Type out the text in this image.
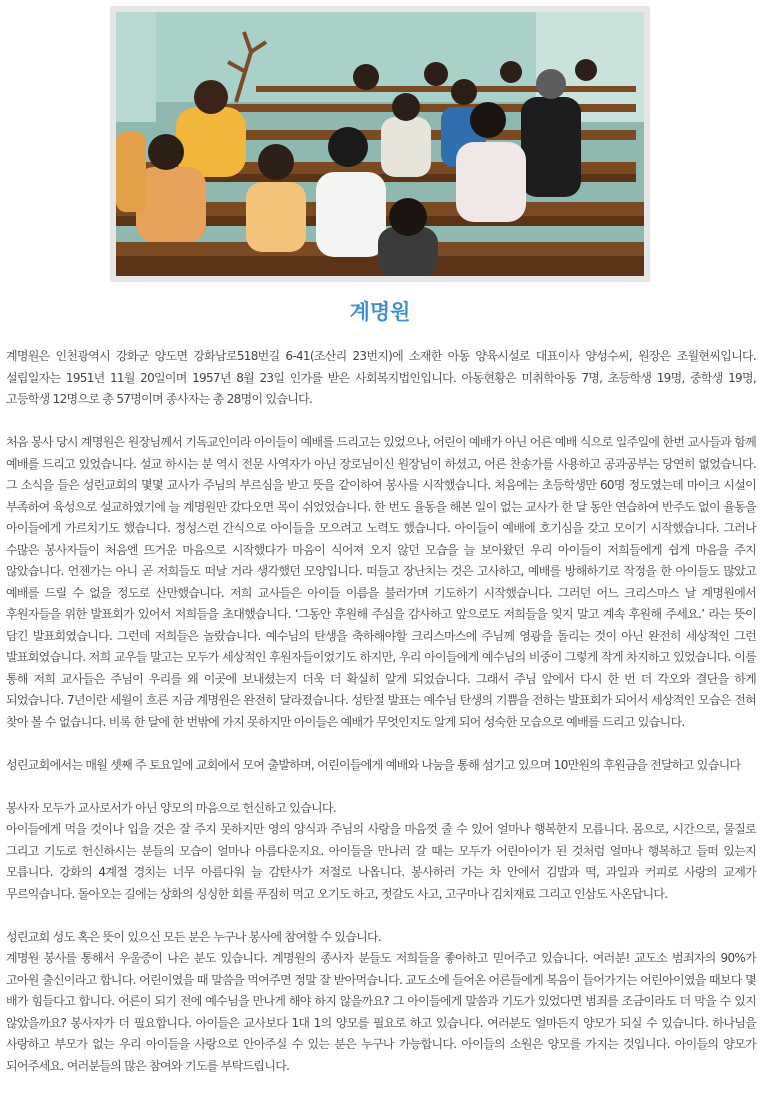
계명원

계명원은 인천광역시 강화군 양도면 강화남로518번길 6-41(조산리 23번지)에 소재한 아동 양육시설로 대표이사 양성수씨, 원장은 조월현씨입니다. 설립일자는 1951년 11월 20일이며 1957년 8월 23일 인가를 받은 사회복지법인입니다. 아동현황은 미취학아동 7명, 초등학생 19명, 중학생 19명, 고등학생 12명으로 총 57명이며 종사자는 총 28명이 있습니다.

처음 봉사 당시 계명원은 원장님께서 기독교인이라 아이들이 예배를 드리고는 있었으나, 어린이 예배가 아닌 어른 예배 식으로 일주일에 한번 교사들과 함께 예배를 드리고 있었습니다. 설교 하시는 분 역시 전문 사역자가 아닌 장로님이신 원장님이 하셨고, 어른 찬송가를 사용하고 공과공부는 당연히 없었습니다. 그 소식을 들은 성린교회의 몇몇 교사가 주님의 부르심을 받고 뜻을 같이하여 봉사를 시작했습니다. 처음에는 초등학생만 60명 정도였는데 마이크 시설이 부족하여 육성으로 설교하였기에 늘 계명원만 갔다오면 목이 쉬었었습니다. 한 번도 율동을 해본 일이 없는 교사가 한 달 동안 연습하여 반주도 없이 율동을 아이들에게 가르치기도 했습니다. 정성스런 간식으로 아이들을 모으려고 노력도 했습니다. 아이들이 예배에 호기심을 갖고 모이기 시작했습니다. 그러나 수많은 봉사자들이 처음엔 뜨거운 마음으로 시작했다가 마음이 식어져 오지 않던 모습을 늘 보아왔던 우리 아이들이 저희들에게 쉽게 마음을 주지 않았습니다. 언젠가는 아니 곧 저희들도 떠날 거라 생각했던 모양입니다. 떠들고 장난치는 것은 고사하고, 예배를 방해하기로 작정을 한 아이들도 많았고 예배를 드릴 수 없을 정도로 산만했습니다. 저희 교사들은 아이들 이름을 불러가며 기도하기 시작했습니다. 그러던 어느 크리스마스 날 계명원에서 후원자들을 위한 발표회가 있어서 저희들을 초대했습니다. ‘그동안 후원해 주심을 감사하고 앞으로도 저희들을 잊지 말고 계속 후원해 주세요.’ 라는 뜻이 담긴 발표회였습니다. 그런데 저희들은 놀랐습니다. 예수님의 탄생을 축하해야할 크리스마스에 주님께 영광을 돌리는 것이 아닌 완전히 세상적인 그런 발표회였습니다. 저희 교우들 말고는 모두가 세상적인 후원자들이었기도 하지만, 우리 아이들에게 예수님의 비중이 그렇게 작게 차지하고 있었습니다. 이를 통해 저희 교사들은 주님이 우리를 왜 이곳에 보내셨는지 더욱 더 확실히 알게 되었습니다. 그래서 주님 앞에서 다시 한 번 더 각오와 결단을 하게 되었습니다. 7년이란 세월이 흐른 지금 계명원은 완전히 달라졌습니다. 성탄절 발표는 예수님 탄생의 기쁨을 전하는 발표회가 되어서 세상적인 모습은 전혀 찾아 볼 수 없습니다. 비록 한 달에 한 번밖에 가지 못하지만 아이들은 예배가 무엇인지도 알게 되어 성숙한 모습으로 예배를 드리고 있습니다.

성린교회에서는 매월 셋째 주 토요일에 교회에서 모여 출발하며, 어린이들에게 예배와 나눔을 통해 섬기고 있으며 10만원의 후원금을 전달하고 있습니다

봉사자 모두가 교사로서가 아닌 양모의 마음으로 헌신하고 있습니다.

아이들에게 먹을 것이나 입을 것은 잘 주지 못하지만 영의 양식과 주님의 사랑을 마음껏 줄 수 있어 얼마나 행복한지 모릅니다. 몸으로, 시간으로, 물질로 그리고 기도로 헌신하시는 분들의 모습이 얼마나 아름다운지요. 아이들을 만나러 갈 때는 모두가 어린아이가 된 것처럼 얼마나 행복하고 들떠 있는지 모릅니다. 강화의 4계절 경치는 너무 아름다워 늘 감탄사가 저절로 나옵니다. 봉사하러 가는 차 안에서 김밥과 떡, 과일과 커피로 사랑의 교제가 무르익습니다. 돌아오는 길에는 상화의 싱싱한 회를 푸짐히 먹고 오기도 하고, 젓갈도 사고, 고구마나 김치재료 그리고 인삼도 사온답니다.

성린교회 성도 혹은 뜻이 있으신 모든 분은 누구나 봉사에 참여할 수 있습니다.

계명원 봉사를 통해서 우울증이 나은 분도 있습니다. 계명원의 종사자 분들도 저희들을 좋아하고 믿어주고 있습니다. 여러분! 교도소 범죄자의 90%가 고아원 출신이라고 합니다. 어린이였을 때 말씀을 먹여주면 정말 잘 받아먹습니다. 교도소에 들어온 어른들에게 복음이 들어가기는 어린아이였을 때보다 몇 배가 힘들다고 합니다. 어른이 되기 전에 예수님을 만나게 해야 하지 않을까요? 그 아이들에게 말씀과 기도가 있었다면 범죄를 조금이라도 더 막을 수 있지 않았을까요? 봉사자가 더 필요합니다. 아이들은 교사보다 1대 1의 양모를 필요로 하고 있습니다. 여러분도 얼마든지 양모가 되실 수 있습니다. 하나님을 사랑하고 부모가 없는 우리 아이들을 사랑으로 안아주실 수 있는 분은 누구나 가능합니다. 아이들의 소원은 양모를 가지는 것입니다. 아이들의 양모가 되어주세요. 여러분들의 많은 참여와 기도를 부탁드립니다.
